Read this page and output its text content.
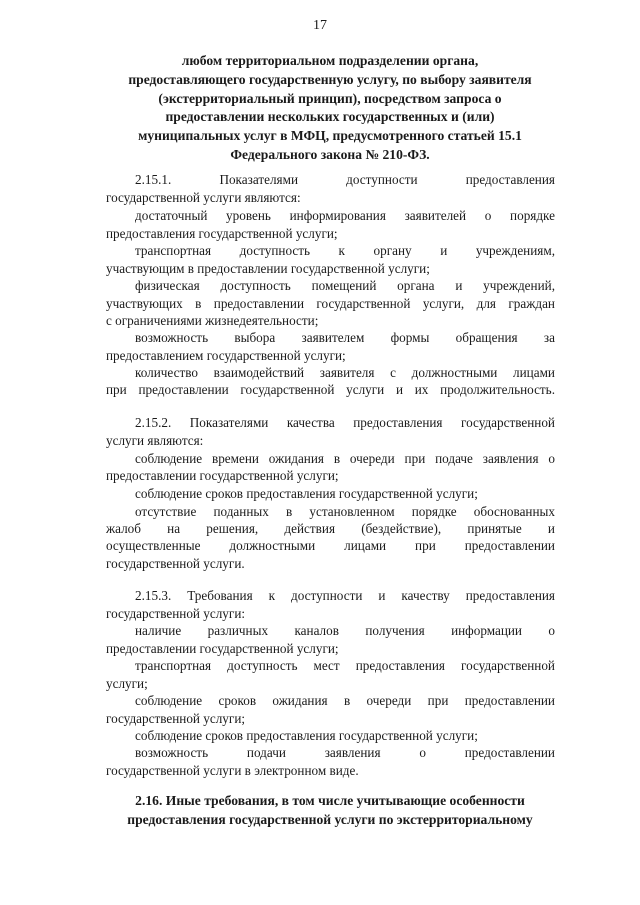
17
любом территориальном подразделении органа,
предоставляющего государственную услугу, по выбору заявителя
(экстерриториальный принцип), посредством запроса о
предоставлении нескольких государственных и (или)
муниципальных услуг в МФЦ, предусмотренного статьей 15.1
Федерального закона № 210-ФЗ.
2.15.1. Показателями доступности предоставления
государственной услуги являются:
достаточный уровень информирования заявителей о порядке
предоставления государственной услуги;
транспортная доступность к органу и учреждениям,
участвующим в предоставлении государственной услуги;
физическая доступность помещений органа и учреждений,
участвующих в предоставлении государственной услуги, для граждан
с ограничениями жизнедеятельности;
возможность выбора заявителем формы обращения за
предоставлением государственной услуги;
количество взаимодействий заявителя с должностными лицами
при предоставлении государственной услуги и их продолжительность.
2.15.2. Показателями качества предоставления государственной
услуги являются:
соблюдение времени ожидания в очереди при подаче заявления о
предоставлении государственной услуги;
соблюдение сроков предоставления государственной услуги;
отсутствие поданных в установленном порядке обоснованных
жалоб на решения, действия (бездействие), принятые и
осуществленные должностными лицами при предоставлении
государственной услуги.
2.15.3. Требования к доступности и качеству предоставления
государственной услуги:
наличие различных каналов получения информации о
предоставлении государственной услуги;
транспортная доступность мест предоставления государственной
услуги;
соблюдение сроков ожидания в очереди при предоставлении
государственной услуги;
соблюдение сроков предоставления государственной услуги;
возможность подачи заявления о предоставлении
государственной услуги в электронном виде.
2.16. Иные требования, в том числе учитывающие особенности
предоставления государственной услуги по экстерриториальному
